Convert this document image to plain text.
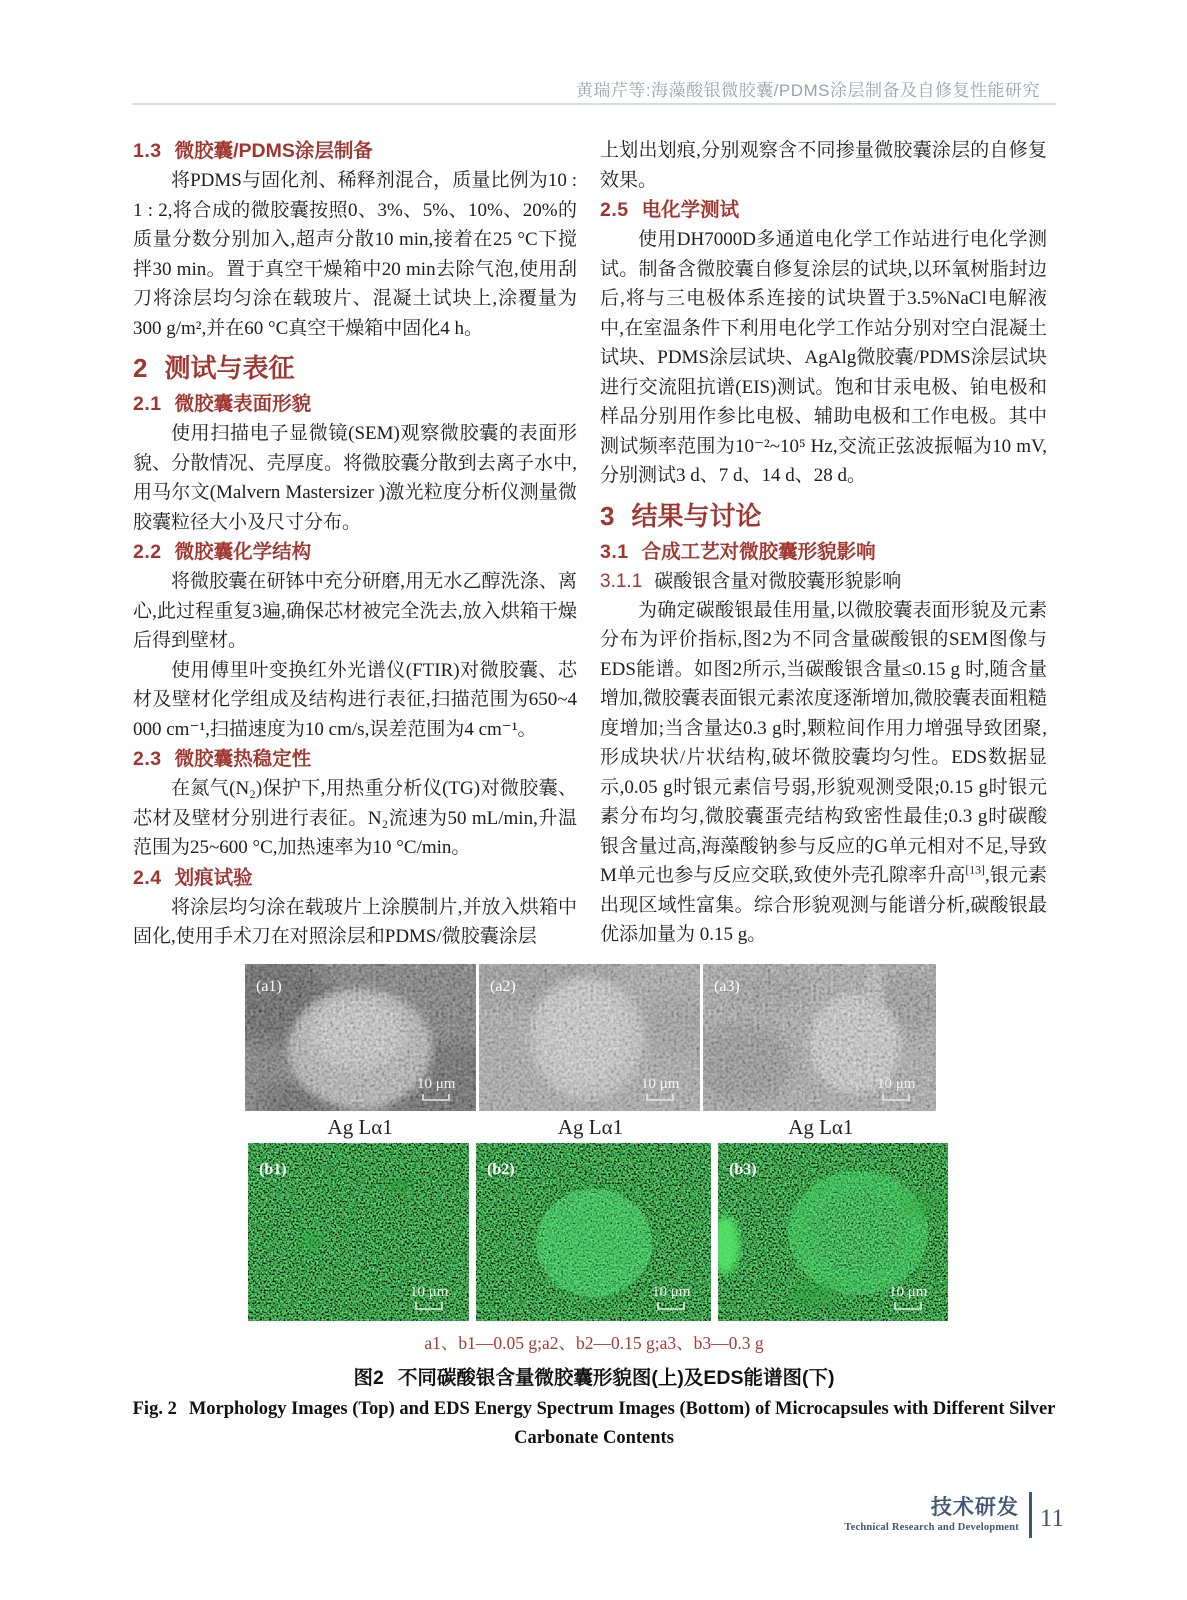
黄瑞芹等:海藻酸银微胶囊/PDMS涂层制备及自修复性能研究
1.3 微胶囊/PDMS涂层制备

将PDMS与固化剂、稀释剂混合，质量比例为10 : 1 : 2,将合成的微胶囊按照0、3%、5%、10%、20%的质量分数分别加入,超声分散10 min,接着在25 °C下搅拌30 min。置于真空干燥箱中20 min去除气泡,使用刮刀将涂层均匀涂在载玻片、混凝土试块上,涂覆量为300 g/m²,并在60 °C真空干燥箱中固化4 h。

2 测试与表征
2.1 微胶囊表面形貌

使用扫描电子显微镜(SEM)观察微胶囊的表面形貌、分散情况、壳厚度。将微胶囊分散到去离子水中,用马尔文(Malvern Mastersizer )激光粒度分析仪测量微胶囊粒径大小及尺寸分布。

2.2 微胶囊化学结构

将微胶囊在研钵中充分研磨,用无水乙醇洗涤、离心,此过程重复3遍,确保芯材被完全洗去,放入烘箱干燥后得到壁材。

使用傅里叶变换红外光谱仪(FTIR)对微胶囊、芯材及壁材化学组成及结构进行表征,扫描范围为650~4 000 cm⁻¹,扫描速度为10 cm/s,误差范围为4 cm⁻¹。

2.3 微胶囊热稳定性

在氮气(N₂)保护下,用热重分析仪(TG)对微胶囊、芯材及壁材分别进行表征。N₂流速为50 mL/min,升温范围为25~600 °C,加热速率为10 °C/min。

2.4 划痕试验

将涂层均匀涂在载玻片上涂膜制片,并放入烘箱中固化,使用手术刀在对照涂层和PDMS/微胶囊涂层

上划出划痕,分别观察含不同掺量微胶囊涂层的自修复效果。

2.5 电化学测试

使用DH7000D多通道电化学工作站进行电化学测试。制备含微胶囊自修复涂层的试块,以环氧树脂封边后,将与三电极体系连接的试块置于3.5%NaCl电解液中,在室温条件下利用电化学工作站分别对空白混凝土试块、PDMS涂层试块、AgAlg微胶囊/PDMS涂层试块进行交流阻抗谱(EIS)测试。饱和甘汞电极、铂电极和样品分别用作参比电极、辅助电极和工作电极。其中测试频率范围为10⁻²~10⁵ Hz,交流正弦波振幅为10 mV,分别测试3 d、7 d、14 d、28 d。

3 结果与讨论
3.1 合成工艺对微胶囊形貌影响
3.1.1 碳酸银含量对微胶囊形貌影响

为确定碳酸银最佳用量,以微胶囊表面形貌及元素分布为评价指标,图2为不同含量碳酸银的SEM图像与EDS能谱。如图2所示,当碳酸银含量≤0.15 g 时,随含量增加,微胶囊表面银元素浓度逐渐增加,微胶囊表面粗糙度增加;当含量达0.3 g时,颗粒间作用力增强导致团聚,形成块状/片状结构,破坏微胶囊均匀性。EDS数据显示,0.05 g时银元素信号弱,形貌观测受限;0.15 g时银元素分布均匀,微胶囊蛋壳结构致密性最佳;0.3 g时碳酸银含量过高,海藻酸钠参与反应的G单元相对不足,导致M单元也参与反应交联,致使外壳孔隙率升高[13],银元素出现区域性富集。综合形貌观测与能谱分析,碳酸银最优添加量为 0.15 g。

(a1)
10 μm
(a2)
10 μm
(a3)
10 μm
Ag Lα1	Ag Lα1	Ag Lα1
(b1)
10 μm
(b2)
10 μm
(b3)
10 μm
a1、b1—0.05 g;a2、b2—0.15 g;a3、b3—0.3 g
图2 不同碳酸银含量微胶囊形貌图(上)及EDS能谱图(下)
Fig. 2 Morphology Images (Top) and EDS Energy Spectrum Images (Bottom) of Microcapsules with Different Silver
Carbonate Contents
技术研发
Technical Research and Development 11
